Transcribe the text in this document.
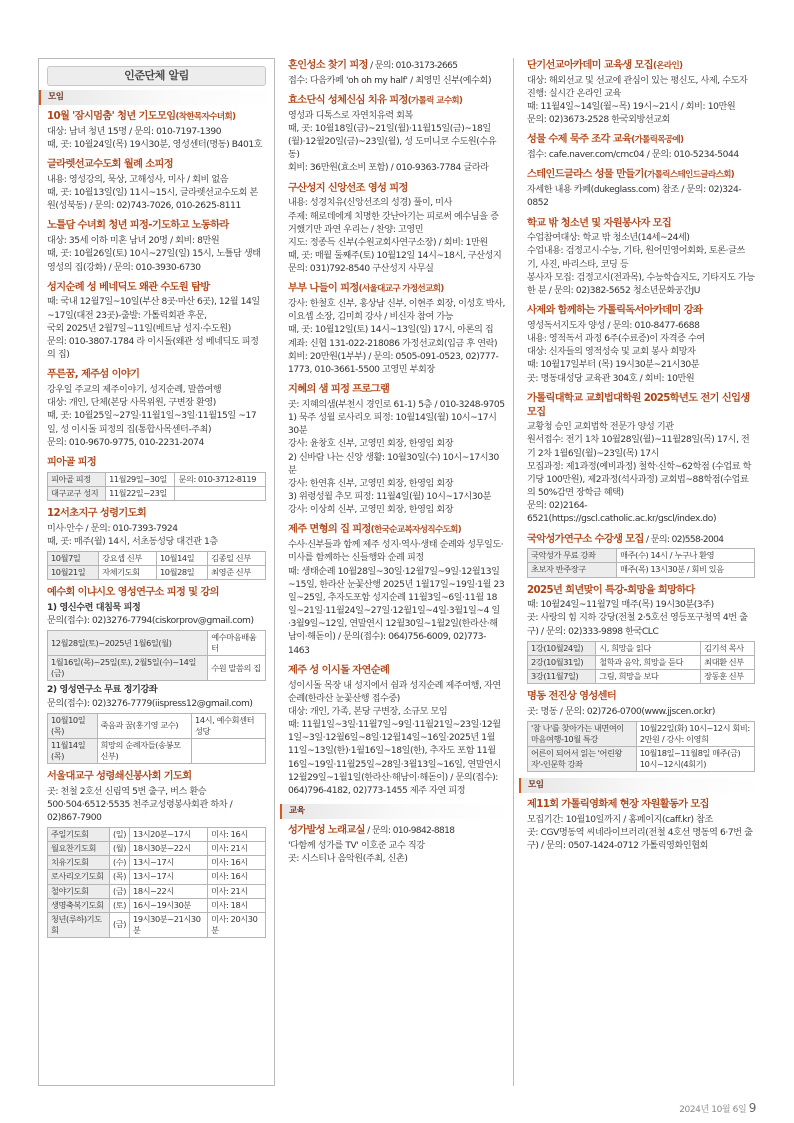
인준단체 알림
모임
10월 '잠시멈춤' 청년 기도모임(착한목자수녀회)
대상: 남녀 청년 15명 / 문의: 010-7197-1390
때, 곳: 10월24일(목) 19시30분, 영성센터(명동) B401호
글라렛선교수도회 월례 소피정
내용: 영성강의, 묵상, 고해성사, 미사 / 회비 없음
때, 곳: 10월13일(일) 11시~15시, 글라렛선교수도회 본원(성북동) / 문의: 02)743-7026, 010-2625-8111
노틀담 수녀회 청년 피정-기도하고 노동하라
대상: 35세 이하 미혼 남녀 20명 / 회비: 8만원
때, 곳: 10월26일(토) 10시~27일(일) 15시, 노틀담 생태영성의 집(강화) / 문의: 010-3930-6730
성지순례 성 베네딕도 왜관 수도원 탐방
때: 국내 12월7일~10일(부산 8곳·마산 6곳), 12월 14일~17일(대전 23곳)-출발: 가톨릭회관 후문,
국외 2025년 2월7일~11일(베트남 성지·수도원)
문의: 010-3807-1784 라 이시돌(왜관 성 베네딕도 피정의 집)
푸른꿈, 제주섬 이야기
강우일 주교의 제주이야기, 성지순례, 말씀여행
대상: 개인, 단체(본당 사목위원, 구변장 환영)
때, 곳: 10월25일~27일·11월1일~3일·11월15일 ~17일, 성 이시돌 피정의 집(통합사목센터-주최)
문의: 010-9670-9775, 010-2231-2074
피아골 피정
피아골 피정	11월29일~30일	문의: 010-3712-8119
대구교구 성지	11월22일~23일	
12서초지구 성령기도회
미사·안수 / 문의: 010-7393-7924
때, 곳: 매주(월) 14시, 서초동성당 대건관 1층
10월7일	강요셉 신부	10월14일	김종일 신부
10월21일	자체기도회	10월28일	최영준 신부
예수회 이냐시오 영성연구소 피정 및 강의
1) 영신수련 대침묵 피정
문의(접수): 02)3276-7794(ciskorprov@gmail.com)
12월28일(토)~2025년 1월6일(월)	예수마음배움터
1월16일(목)~25일(토), 2월5일(수)~14일(금)	수원 말씀의 집
2) 영성연구소 무료 정기강좌
문의(접수): 02)3276-7779(iispress12@gmail.com)
10월10일(목)	죽음과 꿈(홍기영 교수)	14시, 예수회센터 성당
11월14일(목)	희망의 순례자들(송봉모 신부)	
서울대교구 성령쇄신봉사회 기도회
곳: 천철 2호선 신림역 5번 출구, 버스 환승 500·504·6512·5535 천주교성령봉사회관 하차 / 02)867-7900
주일기도회	(일)	13시20분~17시	미사: 16시
월요찬기도회	(월)	18시30분~22시	미사: 21시
치유기도회	(수)	13시~17시	미사: 16시
로사리오기도회	(목)	13시~17시	미사: 16시
철야기도회	(금)	18시~22시	미사: 21시
생명축복기도회	(토)	16시~19시30분	미사: 18시
청년(루하)기도회	(금)	19시30분~21시30분	미사: 20시30분
혼인성소 찾기 피정 / 문의: 010-3173-2665
접수: 다음카페 'oh oh my half' / 최영민 신부(예수회)
효소단식 성체신심 치유 피정(가톨릭 교수회)
영성과 디톡스로 자연치유력 회복
때, 곳: 10월18일(금)~21일(월)·11월15일(금)~18일(월)·12월20일(금)~23일(월), 성 도미니코 수도원(수유동)
회비: 36만원(효소비 포함) / 010-9363-7784 글라라
구산성지 신앙선조 영성 피정
내용: 성경치유(신앙선조의 성경) 풀이, 미사
주제: 해로데에게 치명한 갓난아기는 피로써 예수님을 증거했기만 과연 우리는 / 찬양: 고영민
지도: 정종득 신부(수원교회사연구소장) / 회비: 1만원
때, 곳: 매월 둘째주(토) 10월12일 14시~18시, 구산성지
문의: 031)792-8540 구산성지 사무실
부부 나들이 피정(서울대교구 가정선교회)
강사: 한철호 신부, 홍상남 신부, 이현주 회장, 이성호 박사, 이요셉 소장, 김미희 강사 / 비신자 참여 가능
때, 곳: 10월12일(토) 14시~13일(일) 17시, 아론의 집
계좌: 신협 131-022-218086 가정선교회(입금 후 연락)
회비: 20만원(1부부) / 문의: 0505-091-0523, 02)777-1773, 010-3661-5500 고영민 부회장
지혜의 샘 피정 프로그램
곳: 지혜의샘(부천시 경인로 61-1) 5층 / 010-3248-9705
1) 묵주 성월 로사리오 피정: 10월14일(월) 10시~17시30분
강사: 윤창호 신부, 고영민 회장, 한영임 회장
2) 신바람 나는 신앙 생활: 10월30일(수) 10시~17시30분
강사: 한연휴 신부, 고영민 회장, 한영임 회장
3) 위령성월 추모 피정: 11월4일(월) 10시~17시30분
강사: 이상희 신부, 고영민 회장, 한영임 회장
제주 면형의 집 피정(한국순교복자성직수도회)
수사·신부들과 함께 제주 성지·역사·생태 순례와 성무일도·미사를 함께하는 신들행와 순례 피정
때: 생태순례 10월28일~30일·12월7일~9일·12월13일 ~15일, 한라산 눈꽃산행 2025년 1월17일~19일·1월 23일~25일, 추자도포함 성지순례 11월3일~6일·11월 18일~21일·11월24일~27일·12월1일~4일·3월1일~4 일·3월9일~12일, 연말연시 12월30일~1월2일(한라산·해남이·해돋이) / 문의(접수): 064)756-6009, 02)773-1463
제주 성 이시돌 자연순례
성이시돌 목장 내 성지에서 쉼과 성지순례 제주여행, 자연순례(한라산 눈꽃산행 접수중)
대상: 개인, 가족, 본당 구변장, 소규모 모임
때: 11월1일~3일·11월7일~9일·11월21일~23일·12월1일~3일·12월6일~8일·12월14일~16일·2025년 1월11일~13일(한)·1월16일~18일(한), 추자도 포함 11월16일~19일·11월25일~28일·3월13일~16일, 연말연시 12월29일~1월1일(한라산·해남이·해돋이) / 문의(접수): 064)796-4182, 02)773-1455 제주 자연 피정
교육
성가발성 노래교실 / 문의: 010-9842-8818
'다함께 성가를 TV' 이호준 교수 직강
곳: 시스티나 음악원(주최, 신촌)
단기선교아카데미 교육생 모집(온라인)
대상: 해외선교 및 선교에 관심이 있는 평신도, 사제, 수도자
진행: 실시간 온라인 교육
때: 11월4일~14일(월~목) 19시~21시 / 회비: 10만원
문의: 02)3673-2528 한국외방선교회
성물 수제 묵주 조각 교육(가톨릭목공예)
접수: cafe.naver.com/cmc04 / 문의: 010-5234-5044
스테인드글라스 성물 만들기(가톨릭스테인드글라스회)
자세한 내용 카페(dukeglass.com) 참조 / 문의: 02)324-0852
학교 밖 청소년 및 자원봉사자 모집
수업참여대상: 학교 밖 청소년(14세~24세)
수업내용: 검정고시·수능, 기타, 원어민영어회화, 토론·글쓰기, 사진, 바리스타, 코딩 등
봉사자 모집: 검정고시(전과목), 수능학습지도, 기타지도 가능한 분 / 문의: 02)382-5652 청소년문화공간JU
사제와 함께하는 가톨릭독서아카데미 강좌
영성독서지도자 양성 / 문의: 010-8477-6688
내용: 영적독서 과정 6주(수료증)이 자격증 수여
대상: 신자들의 영적성숙 및 교회 봉사 희망자
때: 10월17일부터 (목) 19시30분~21시30분
곳: 명동대성당 교육관 304호 / 회비: 10만원
가톨릭대학교 교회법대학원 2025학년도 전기 신입생 모집
교황청 승인 교회법학 전문가 양성 기관
원서접수: 전기 1차 10월28일(월)~11월28일(목) 17시, 전기 2차 1월6일(월)~23일(목) 17시
모집과정: 제1과정(예비과정) 철학·신학~62학점 (수업료 학기당 100만원), 제2과정(석사과정) 교회법~88학점(수업료의 50%감면 장학금 혜택)
문의: 02)2164-6521(https://gscl.catholic.ac.kr/gscl/index.do)
국악성가연구소 수강생 모집 / 문의: 02)558-2004
국악성가 무료 강좌	매주(수) 14시 / 누구나 환영
초보자 반주장구	매주(목) 13시30분 / 회비 있음
2025년 희년맞이 특강-희망을 희망하다
때: 10월24일~11월7일 매주(목) 19시30분(3주)
곳: 사랑의 힘 지하 강당(전철 2·5호선 영등포구청역 4번 출구) / 문의: 02)333-9898 한국CLC
1강(10월24일)	시, 희망을 읽다	김기석 목사
2강(10월31일)	철학과 음악, 희망을 듣다	최대환 신부
3강(11월7일)	그림, 희망을 보다	장동훈 신부
명동 전진상 영성센터
곳: 명동 / 문의: 02)726-0700(www.jjscen.or.kr)
'참 나'를 찾아가는 내면여이 마음여행-10월 특강	10월22일(화) 10시~12시 회비: 2만원 / 강사: 이영희
어른이 되어서 읽는 '어린왕자'-인문학 강좌	10월18일~11월8일 매주(금) 10시~12시(4회기)
모임
제11회 가톨릭영화제 현장 자원활동가 모집
모집기간: 10월10일까지 / 홈페이지(caff.kr) 참조
곳: CGV명동역 씨네라이브러리(전철 4호선 명동역 6·7번 출구) / 문의: 0507-1424-0712 가톨릭영화인협회
2024년 10월 6일 9
